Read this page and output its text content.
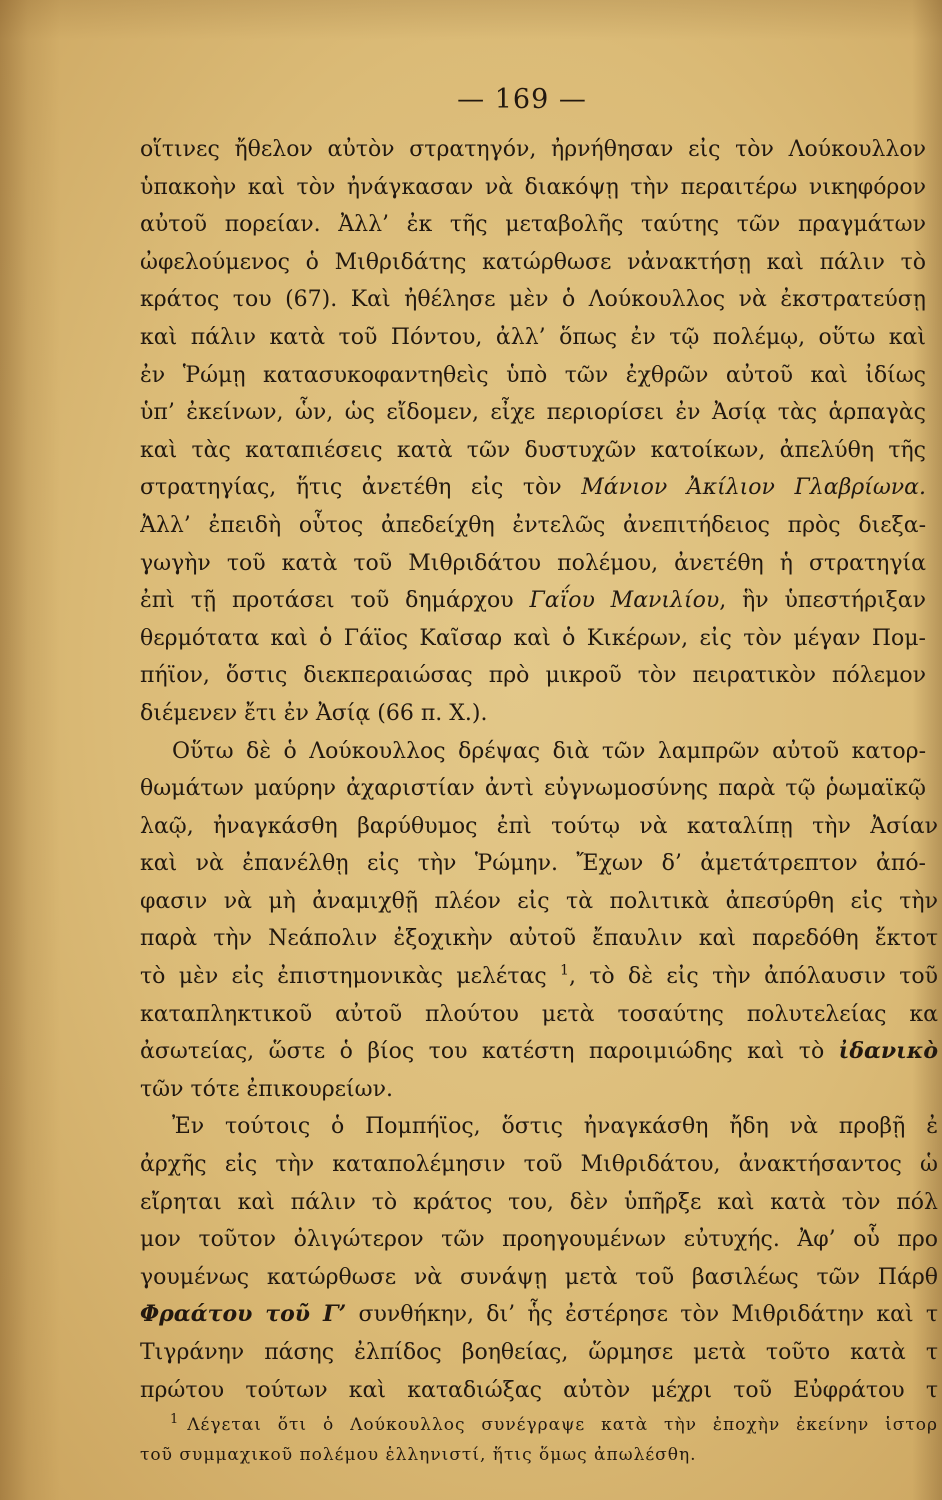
— 169 —
οἵτινες ἤθελον αὐτὸν στρατηγόν, ἠρνήθησαν εἰς τὸν Λούκουλλον
ὑπακοὴν καὶ τὸν ἠνάγκασαν νὰ διακόψῃ τὴν περαιτέρω νικηφόρον
αὐτοῦ πορείαν. Ἀλλ’ ἐκ τῆς μεταβολῆς ταύτης τῶν πραγμάτων
ὠφελούμενος ὁ Μιθριδάτης κατώρθωσε νἀνακτήσῃ καὶ πάλιν τὸ
κράτος του (67). Καὶ ἠθέλησε μὲν ὁ Λούκουλλος νὰ ἐκστρατεύσῃ
καὶ πάλιν κατὰ τοῦ Πόντου, ἀλλ’ ὅπως ἐν τῷ πολέμῳ, οὕτω καὶ
ἐν Ῥώμῃ κατασυκοφαντηθεὶς ὑπὸ τῶν ἐχθρῶν αὐτοῦ καὶ ἰδίως
ὑπ’ ἐκείνων, ὧν, ὡς εἴδομεν, εἶχε περιορίσει ἐν Ἀσίᾳ τὰς ἁρπαγὰς
καὶ τὰς καταπιέσεις κατὰ τῶν δυστυχῶν κατοίκων, ἀπελύθη τῆς
στρατηγίας, ἥτις ἀνετέθη εἰς τὸν Μάνιον Ἀκίλιον Γλαβρίωνα.
Ἀλλ’ ἐπειδὴ οὗτος ἀπεδείχθη ἐντελῶς ἀνεπιτήδειος πρὸς διεξα-
γωγὴν τοῦ κατὰ τοῦ Μιθριδάτου πολέμου, ἀνετέθη ἡ στρατηγία
ἐπὶ τῇ προτάσει τοῦ δημάρχου Γαΐου Μανιλίου, ἣν ὑπεστήριξαν
θερμότατα καὶ ὁ Γάϊος Καῖσαρ καὶ ὁ Κικέρων, εἰς τὸν μέγαν Πομ-
πήϊον, ὅστις διεκπεραιώσας πρὸ μικροῦ τὸν πειρατικὸν πόλεμον
διέμενεν ἔτι ἐν Ἀσίᾳ (66 π. Χ.).
Οὕτω δὲ ὁ Λούκουλλος δρέψας διὰ τῶν λαμπρῶν αὐτοῦ κατορ-
θωμάτων μαύρην ἀχαριστίαν ἀντὶ εὐγνωμοσύνης παρὰ τῷ ῥωμαϊκῷ
λαῷ, ἠναγκάσθη βαρύθυμος ἐπὶ τούτῳ νὰ καταλίπῃ τὴν Ἀσίαν
καὶ νὰ ἐπανέλθῃ εἰς τὴν Ῥώμην. Ἔχων δ’ ἀμετάτρεπτον ἀπό-
φασιν νὰ μὴ ἀναμιχθῇ πλέον εἰς τὰ πολιτικὰ ἀπεσύρθη εἰς τὴν
παρὰ τὴν Νεάπολιν ἐξοχικὴν αὐτοῦ ἔπαυλιν καὶ παρεδόθη ἔκτοτ
τὸ μὲν εἰς ἐπιστημονικὰς μελέτας $^1$, τὸ δὲ εἰς τὴν ἀπόλαυσιν τοῦ
καταπληκτικοῦ αὐτοῦ πλούτου μετὰ τοσαύτης πολυτελείας κα
ἀσωτείας, ὥστε ὁ βίος του κατέστη παροιμιώδης καὶ τὸ ἰδανικὸ
τῶν τότε ἐπικουρείων.
Ἐν τούτοις ὁ Πομπήϊος, ὅστις ἠναγκάσθη ἤδη νὰ προβῇ ἐ
ἀρχῆς εἰς τὴν καταπολέμησιν τοῦ Μιθριδάτου, ἀνακτήσαντος ὡ
εἴρηται καὶ πάλιν τὸ κράτος του, δὲν ὑπῆρξε καὶ κατὰ τὸν πόλ
μον τοῦτον ὀλιγώτερον τῶν προηγουμένων εὐτυχής. Ἀφ’ οὗ προ
γουμένως κατώρθωσε νὰ συνάψῃ μετὰ τοῦ βασιλέως τῶν Πάρθ
Φραάτου τοῦ Γ’ συνθήκην, δι’ ἧς ἐστέρησε τὸν Μιθριδάτην καὶ τ
Τιγράνην πάσης ἐλπίδος βοηθείας, ὥρμησε μετὰ τοῦτο κατὰ τ
πρώτου τούτων καὶ καταδιώξας αὐτὸν μέχρι τοῦ Εὐφράτου τ
$^1$ Λέγεται ὅτι ὁ Λούκουλλος συνέγραψε κατὰ τὴν ἐποχὴν ἐκείνην ἱστορ
τοῦ συμμαχικοῦ πολέμου ἑλληνιστί, ἥτις ὅμως ἀπωλέσθη.
